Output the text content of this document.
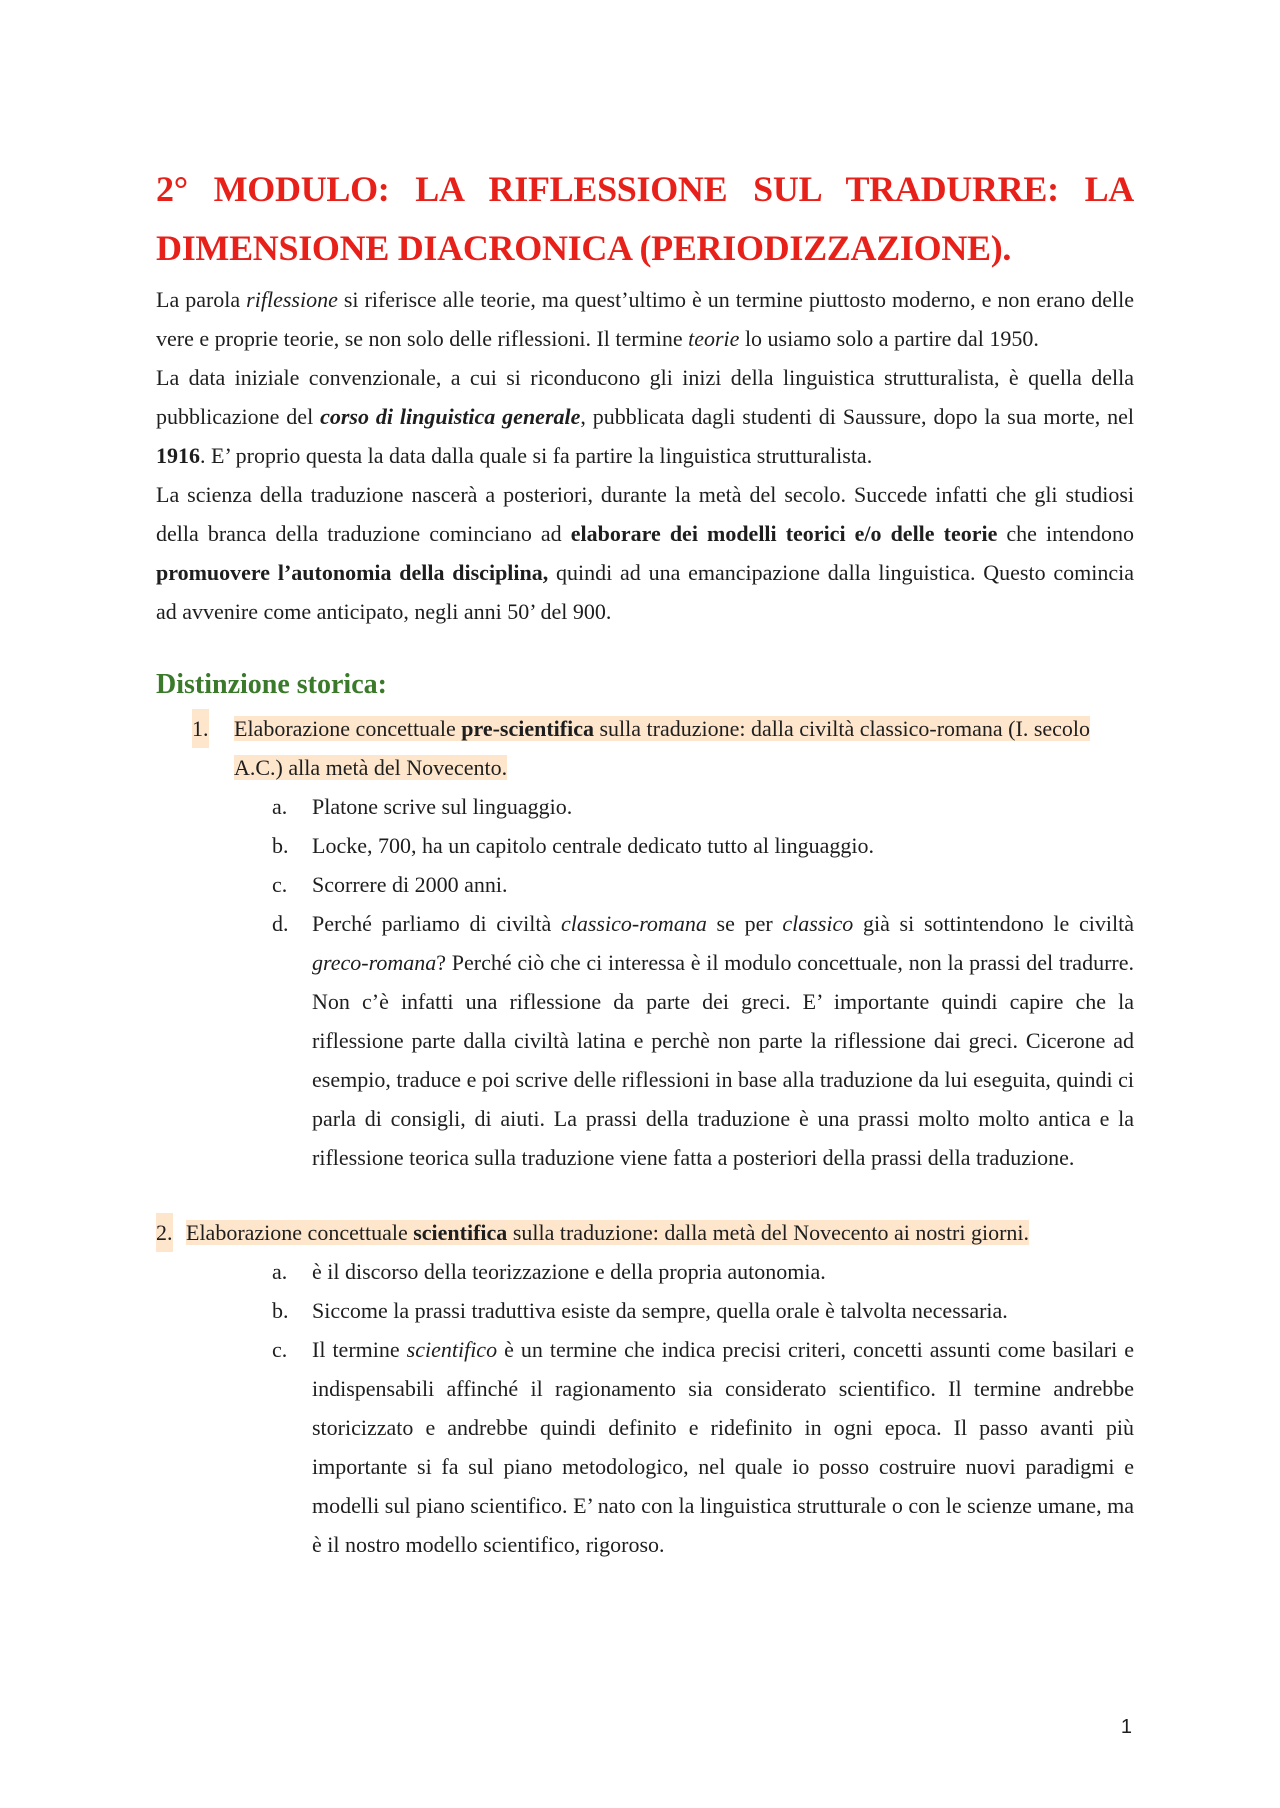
2° MODULO: LA RIFLESSIONE SUL TRADURRE: LA DIMENSIONE DIACRONICA (PERIODIZZAZIONE).

La parola riflessione si riferisce alle teorie, ma quest’ultimo è un termine piuttosto moderno, e non erano delle vere e proprie teorie, se non solo delle riflessioni. Il termine teorie lo usiamo solo a partire dal 1950.

La data iniziale convenzionale, a cui si riconducono gli inizi della linguistica strutturalista, è quella della pubblicazione del corso di linguistica generale, pubblicata dagli studenti di Saussure, dopo la sua morte, nel 1916. E’ proprio questa la data dalla quale si fa partire la linguistica strutturalista.

La scienza della traduzione nascerà a posteriori, durante la metà del secolo. Succede infatti che gli studiosi della branca della traduzione cominciano ad elaborare dei modelli teorici e/o delle teorie che intendono promuovere l’autonomia della disciplina, quindi ad una emancipazione dalla linguistica. Questo comincia ad avvenire come anticipato, negli anni 50’ del 900.

Distinzione storica:
1. Elaborazione concettuale pre-scientifica sulla traduzione: dalla civiltà classico-romana (I. secolo A.C.) alla metà del Novecento.
a. Platone scrive sul linguaggio.
b. Locke, 700, ha un capitolo centrale dedicato tutto al linguaggio.
c. Scorrere di 2000 anni.
d. Perché parliamo di civiltà classico-romana se per classico già si sottintendono le civiltà greco-romana? Perché ciò che ci interessa è il modulo concettuale, non la prassi del tradurre. Non c’è infatti una riflessione da parte dei greci. E’ importante quindi capire che la riflessione parte dalla civiltà latina e perchè non parte la riflessione dai greci. Cicerone ad esempio, traduce e poi scrive delle riflessioni in base alla traduzione da lui eseguita, quindi ci parla di consigli, di aiuti. La prassi della traduzione è una prassi molto molto antica e la riflessione teorica sulla traduzione viene fatta a posteriori della prassi della traduzione.
2. Elaborazione concettuale scientifica sulla traduzione: dalla metà del Novecento ai nostri giorni.
a. è il discorso della teorizzazione e della propria autonomia.
b. Siccome la prassi traduttiva esiste da sempre, quella orale è talvolta necessaria.
c. Il termine scientifico è un termine che indica precisi criteri, concetti assunti come basilari e indispensabili affinché il ragionamento sia considerato scientifico. Il termine andrebbe storicizzato e andrebbe quindi definito e ridefinito in ogni epoca. Il passo avanti più importante si fa sul piano metodologico, nel quale io posso costruire nuovi paradigmi e modelli sul piano scientifico. E’ nato con la linguistica strutturale o con le scienze umane, ma è il nostro modello scientifico, rigoroso.
1
